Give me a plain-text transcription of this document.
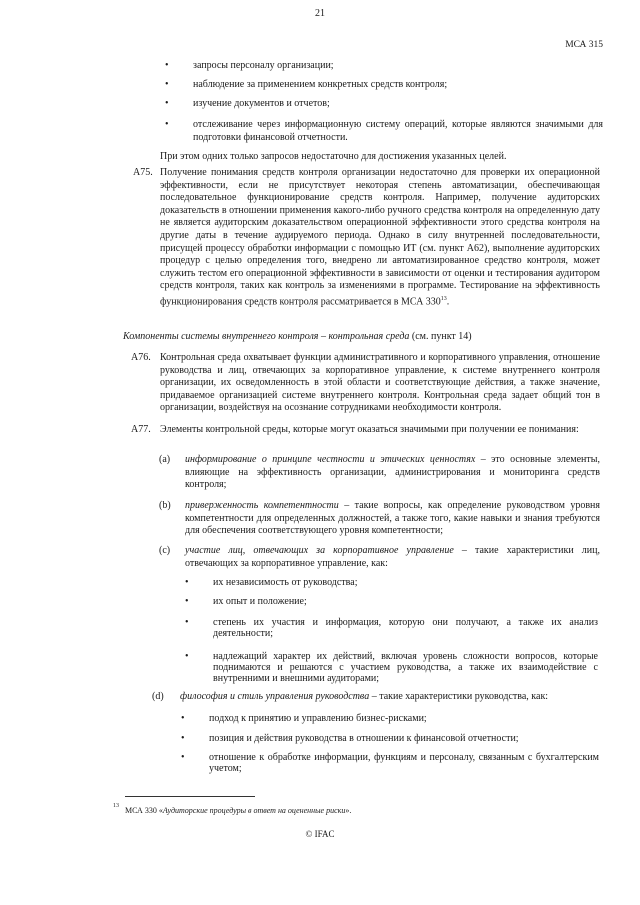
21
МСА 315
• запросы персоналу организации;
• наблюдение за применением конкретных средств контроля;
• изучение документов и отчетов;
• отслеживание через информационную систему операций, которые являются значимыми для подготовки финансовой отчетности.

При этом одних только запросов недостаточно для достижения указанных целей.

A75. Получение понимания средств контроля организации недостаточно для проверки их операционной эффективности, если не присутствует некоторая степень автоматизации, обеспечивающая последовательное функционирование средств контроля. Например, получение аудиторских доказательств в отношении применения какого-либо ручного средства контроля на определенную дату не является аудиторским доказательством операционной эффективности этого средства контроля на другие даты в течение аудируемого периода. Однако в силу внутренней последовательности, присущей процессу обработки информации с помощью ИТ (см. пункт A62), выполнение аудиторских процедур с целью определения того, внедрено ли автоматизированное средство контроля, может служить тестом его операционной эффективности в зависимости от оценки и тестирования аудитором средств контроля, таких как контроль за изменениями в программе. Тестирование на эффективность функционирования средств контроля рассматривается в МСА $330^{13}$.

Компоненты системы внутреннего контроля – контрольная среда (см. пункт 14)

A76. Контрольная среда охватывает функции административного и корпоративного управления, отношение руководства и лиц, отвечающих за корпоративное управление, к системе внутреннего контроля организации, их осведомленность в этой области и соответствующие действия, а также значение, придаваемое организацией системе внутреннего контроля. Контрольная среда задает общий тон в организации, воздействуя на осознание сотрудниками необходимости контроля.

A77. Элементы контрольной среды, которые могут оказаться значимыми при получении ее понимания:

(a) информирование о принципе честности и этических ценностях – это основные элементы, влияющие на эффективность организации, администрирования и мониторинга средств контроля;

(b) приверженность компетентности – такие вопросы, как определение руководством уровня компетентности для определенных должностей, а также того, какие навыки и знания требуются для обеспечения соответствующего уровня компетентности;

(c) участие лиц, отвечающих за корпоративное управление – такие характеристики лиц, отвечающих за корпоративное управление, как:

• их независимость от руководства;
• их опыт и положение;
• степень их участия и информация, которую они получают, а также их анализ деятельности;
• надлежащий характер их действий, включая уровень сложности вопросов, которые поднимаются и решаются с участием руководства, а также их взаимодействие с внутренними и внешними аудиторами;
(d) философия и стиль управления руководства – такие характеристики руководства, как:

• подход к принятию и управлению бизнес-рисками;
• позиция и действия руководства в отношении к финансовой отчетности;
• отношение к обработке информации, функциям и персоналу, связанным с бухгалтерским учетом;
13 МСА 330 «Аудиторские процедуры в ответ на оцененные риски».
© IFAC
